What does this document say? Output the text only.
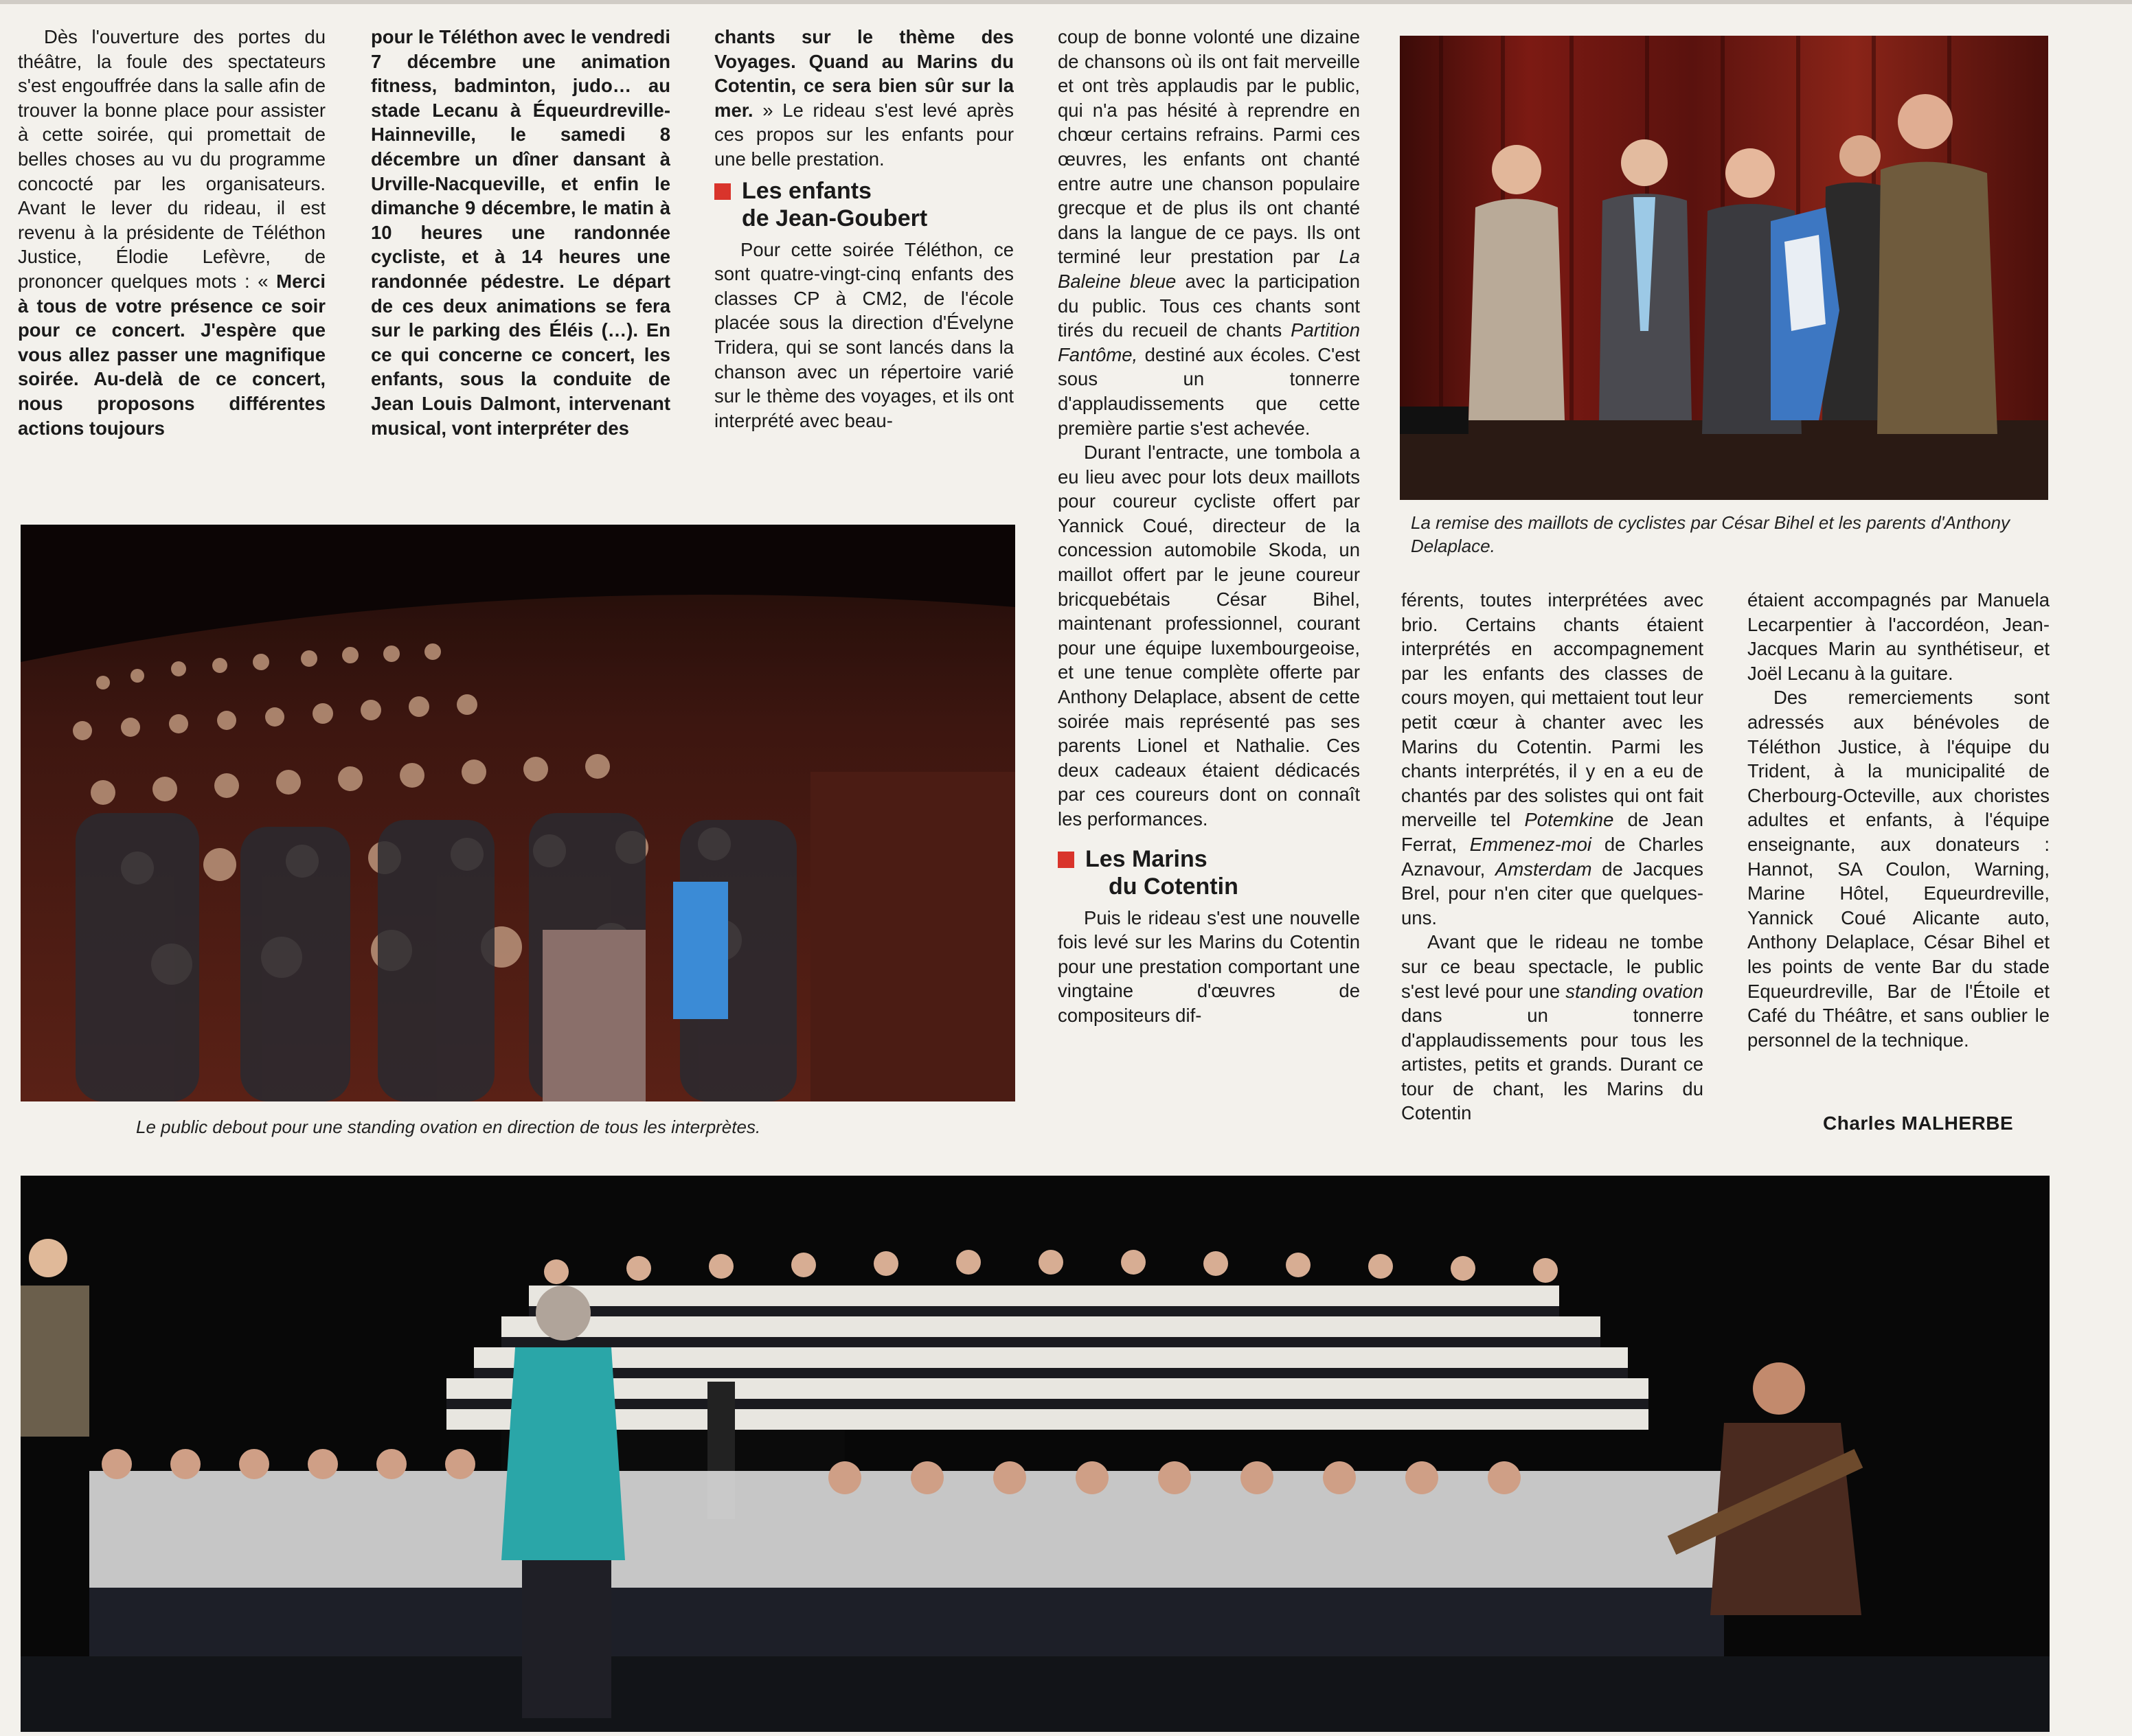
Dès l'ouverture des portes du théâtre, la foule des spectateurs s'est engouffrée dans la salle afin de trouver la bonne place pour assister à cette soirée, qui promettait de belles choses au vu du programme concocté par les organisateurs. Avant le lever du rideau, il est revenu à la présidente de Téléthon Justice, Élodie Lefèvre, de prononcer quelques mots : « Merci à tous de votre présence ce soir pour ce concert. J'espère que vous allez passer une magnifique soirée. Au-delà de ce concert, nous proposons différentes actions toujours

pour le Téléthon avec le vendredi 7 décembre une animation fitness, badminton, judo… au stade Lecanu à Équeurdreville-Hainneville, le samedi 8 décembre un dîner dansant à Urville-Nacqueville, et enfin le dimanche 9 décembre, le matin à 10 heures une randonnée cycliste, et à 14 heures une randonnée pédestre. Le départ de ces deux animations se fera sur le parking des Éléis (…). En ce qui concerne ce concert, les enfants, sous la conduite de Jean Louis Dalmont, intervenant musical, vont interpréter des

chants sur le thème des Voyages. Quand au Marins du Cotentin, ce sera bien sûr sur la mer. » Le rideau s'est levé après ces propos sur les enfants pour une belle prestation.

Les enfants
de Jean-Goubert

Pour cette soirée Téléthon, ce sont quatre-vingt-cinq enfants des classes CP à CM2, de l'école placée sous la direction d'Évelyne Tridera, qui se sont lancés dans la chanson avec un répertoire varié sur le thème des voyages, et ils ont interprété avec beau-

La remise des maillots de cyclistes par César Bihel et les parents d'Anthony Delaplace.

coup de bonne volonté une dizaine de chansons où ils ont fait merveille et ont très applaudis par le public, qui n'a pas hésité à reprendre en chœur certains refrains. Parmi ces œuvres, les enfants ont chanté entre autre une chanson populaire grecque et de plus ils ont chanté dans la langue de ce pays. Ils ont terminé leur prestation par La Baleine bleue avec la participation du public. Tous ces chants sont tirés du recueil de chants Partition Fantôme, destiné aux écoles. C'est sous un tonnerre d'applaudissements que cette première partie s'est achevée.

Durant l'entracte, une tombola a eu lieu avec pour lots deux maillots pour coureur cycliste offert par Yannick Coué, directeur de la concession automobile Skoda, un maillot offert par le jeune coureur bricquebétais César Bihel, maintenant professionnel, courant pour une équipe luxembourgeoise, et une tenue complète offerte par Anthony Delaplace, absent de cette soirée mais représenté pas ses parents Lionel et Nathalie. Ces deux cadeaux étaient dédicacés par ces coureurs dont on connaît les performances.

Les Marins
du Cotentin

Puis le rideau s'est une nouvelle fois levé sur les Marins du Cotentin pour une prestation comportant une vingtaine d'œuvres de compositeurs dif-

férents, toutes interprétées avec brio. Certains chants étaient interprétés en accompagnement par les enfants des classes de cours moyen, qui mettaient tout leur petit cœur à chanter avec les Marins du Cotentin. Parmi les chants interprétés, il y en a eu de chantés par des solistes qui ont fait merveille tel Potemkine de Jean Ferrat, Emmenez-moi de Charles Aznavour, Amsterdam de Jacques Brel, pour n'en citer que quelques-uns.

Avant que le rideau ne tombe sur ce beau spectacle, le public s'est levé pour une standing ovation dans un tonnerre d'applaudissements pour tous les artistes, petits et grands. Durant ce tour de chant, les Marins du Cotentin

étaient accompagnés par Manuela Lecarpentier à l'accordéon, Jean-Jacques Marin au synthétiseur, et Joël Lecanu à la guitare.

Des remerciements sont adressés aux bénévoles de Téléthon Justice, à l'équipe du Trident, à la municipalité de Cherbourg-Octeville, aux choristes adultes et enfants, à l'équipe enseignante, aux donateurs : Hannot, SA Coulon, Warning, Marine Hôtel, Equeurdreville, Yannick Coué Alicante auto, Anthony Delaplace, César Bihel et les points de vente Bar du stade Equeurdreville, Bar de l'Étoile et Café du Théâtre, et sans oublier le personnel de la technique.

Charles MALHERBE
Le public debout pour une standing ovation en direction de tous les interprètes.
